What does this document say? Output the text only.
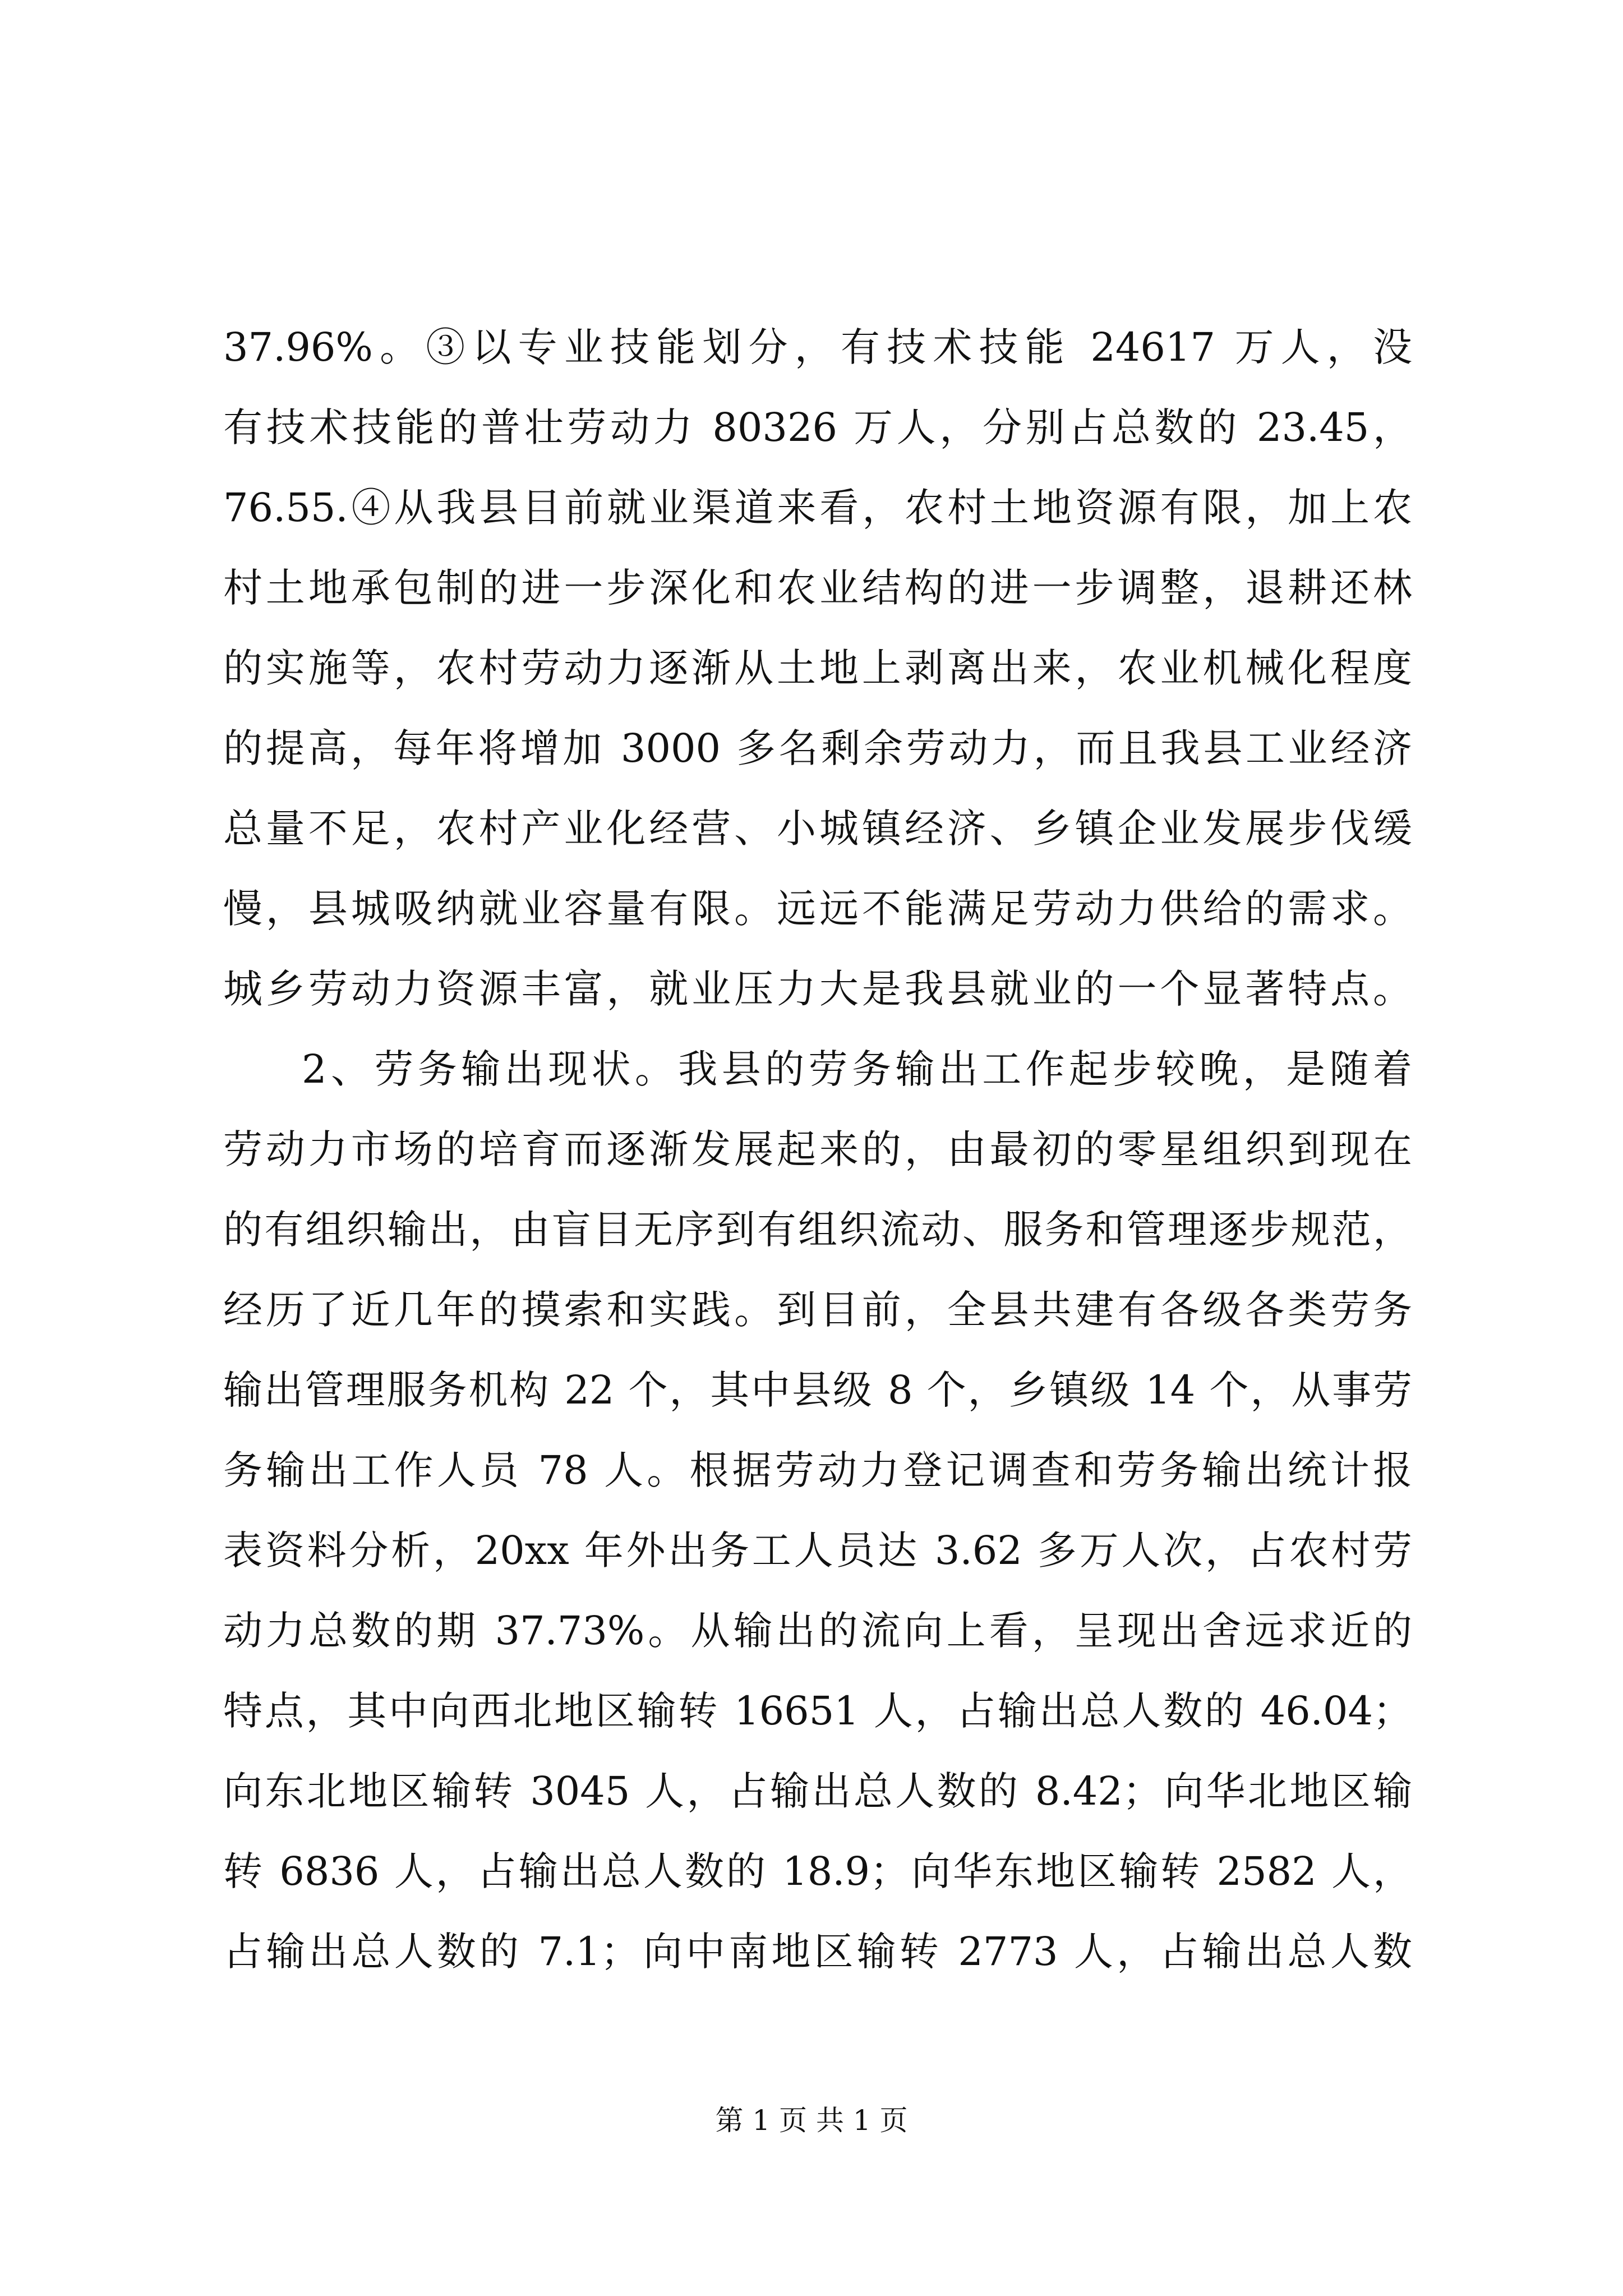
37.96%。③以专业技能划分，有技术技能 24617 万人，没
有技术技能的普壮劳动力 80326 万人，分别占总数的 23.45，
76.55.④从我县目前就业渠道来看，农村土地资源有限，加上农
村土地承包制的进一步深化和农业结构的进一步调整，退耕还林
的实施等，农村劳动力逐渐从土地上剥离出来，农业机械化程度
的提高，每年将增加 3000 多名剩余劳动力，而且我县工业经济
总量不足，农村产业化经营、小城镇经济、乡镇企业发展步伐缓
慢，县城吸纳就业容量有限。远远不能满足劳动力供给的需求。
城乡劳动力资源丰富，就业压力大是我县就业的一个显著特点。
2、劳务输出现状。我县的劳务输出工作起步较晚，是随着
劳动力市场的培育而逐渐发展起来的，由最初的零星组织到现在
的有组织输出，由盲目无序到有组织流动、服务和管理逐步规范，
经历了近几年的摸索和实践。到目前，全县共建有各级各类劳务
输出管理服务机构 22 个，其中县级 8 个，乡镇级 14 个，从事劳
务输出工作人员 78 人。根据劳动力登记调查和劳务输出统计报
表资料分析，20xx 年外出务工人员达 3.62 多万人次，占农村劳
动力总数的期 37.73%。从输出的流向上看，呈现出舍远求近的
特点，其中向西北地区输转 16651 人，占输出总人数的 46.04；
向东北地区输转 3045 人，占输出总人数的 8.42；向华北地区输
转 6836 人，占输出总人数的 18.9；向华东地区输转 2582 人，
占输出总人数的 7.1；向中南地区输转 2773 人，占输出总人数
第 1 页 共 1 页
